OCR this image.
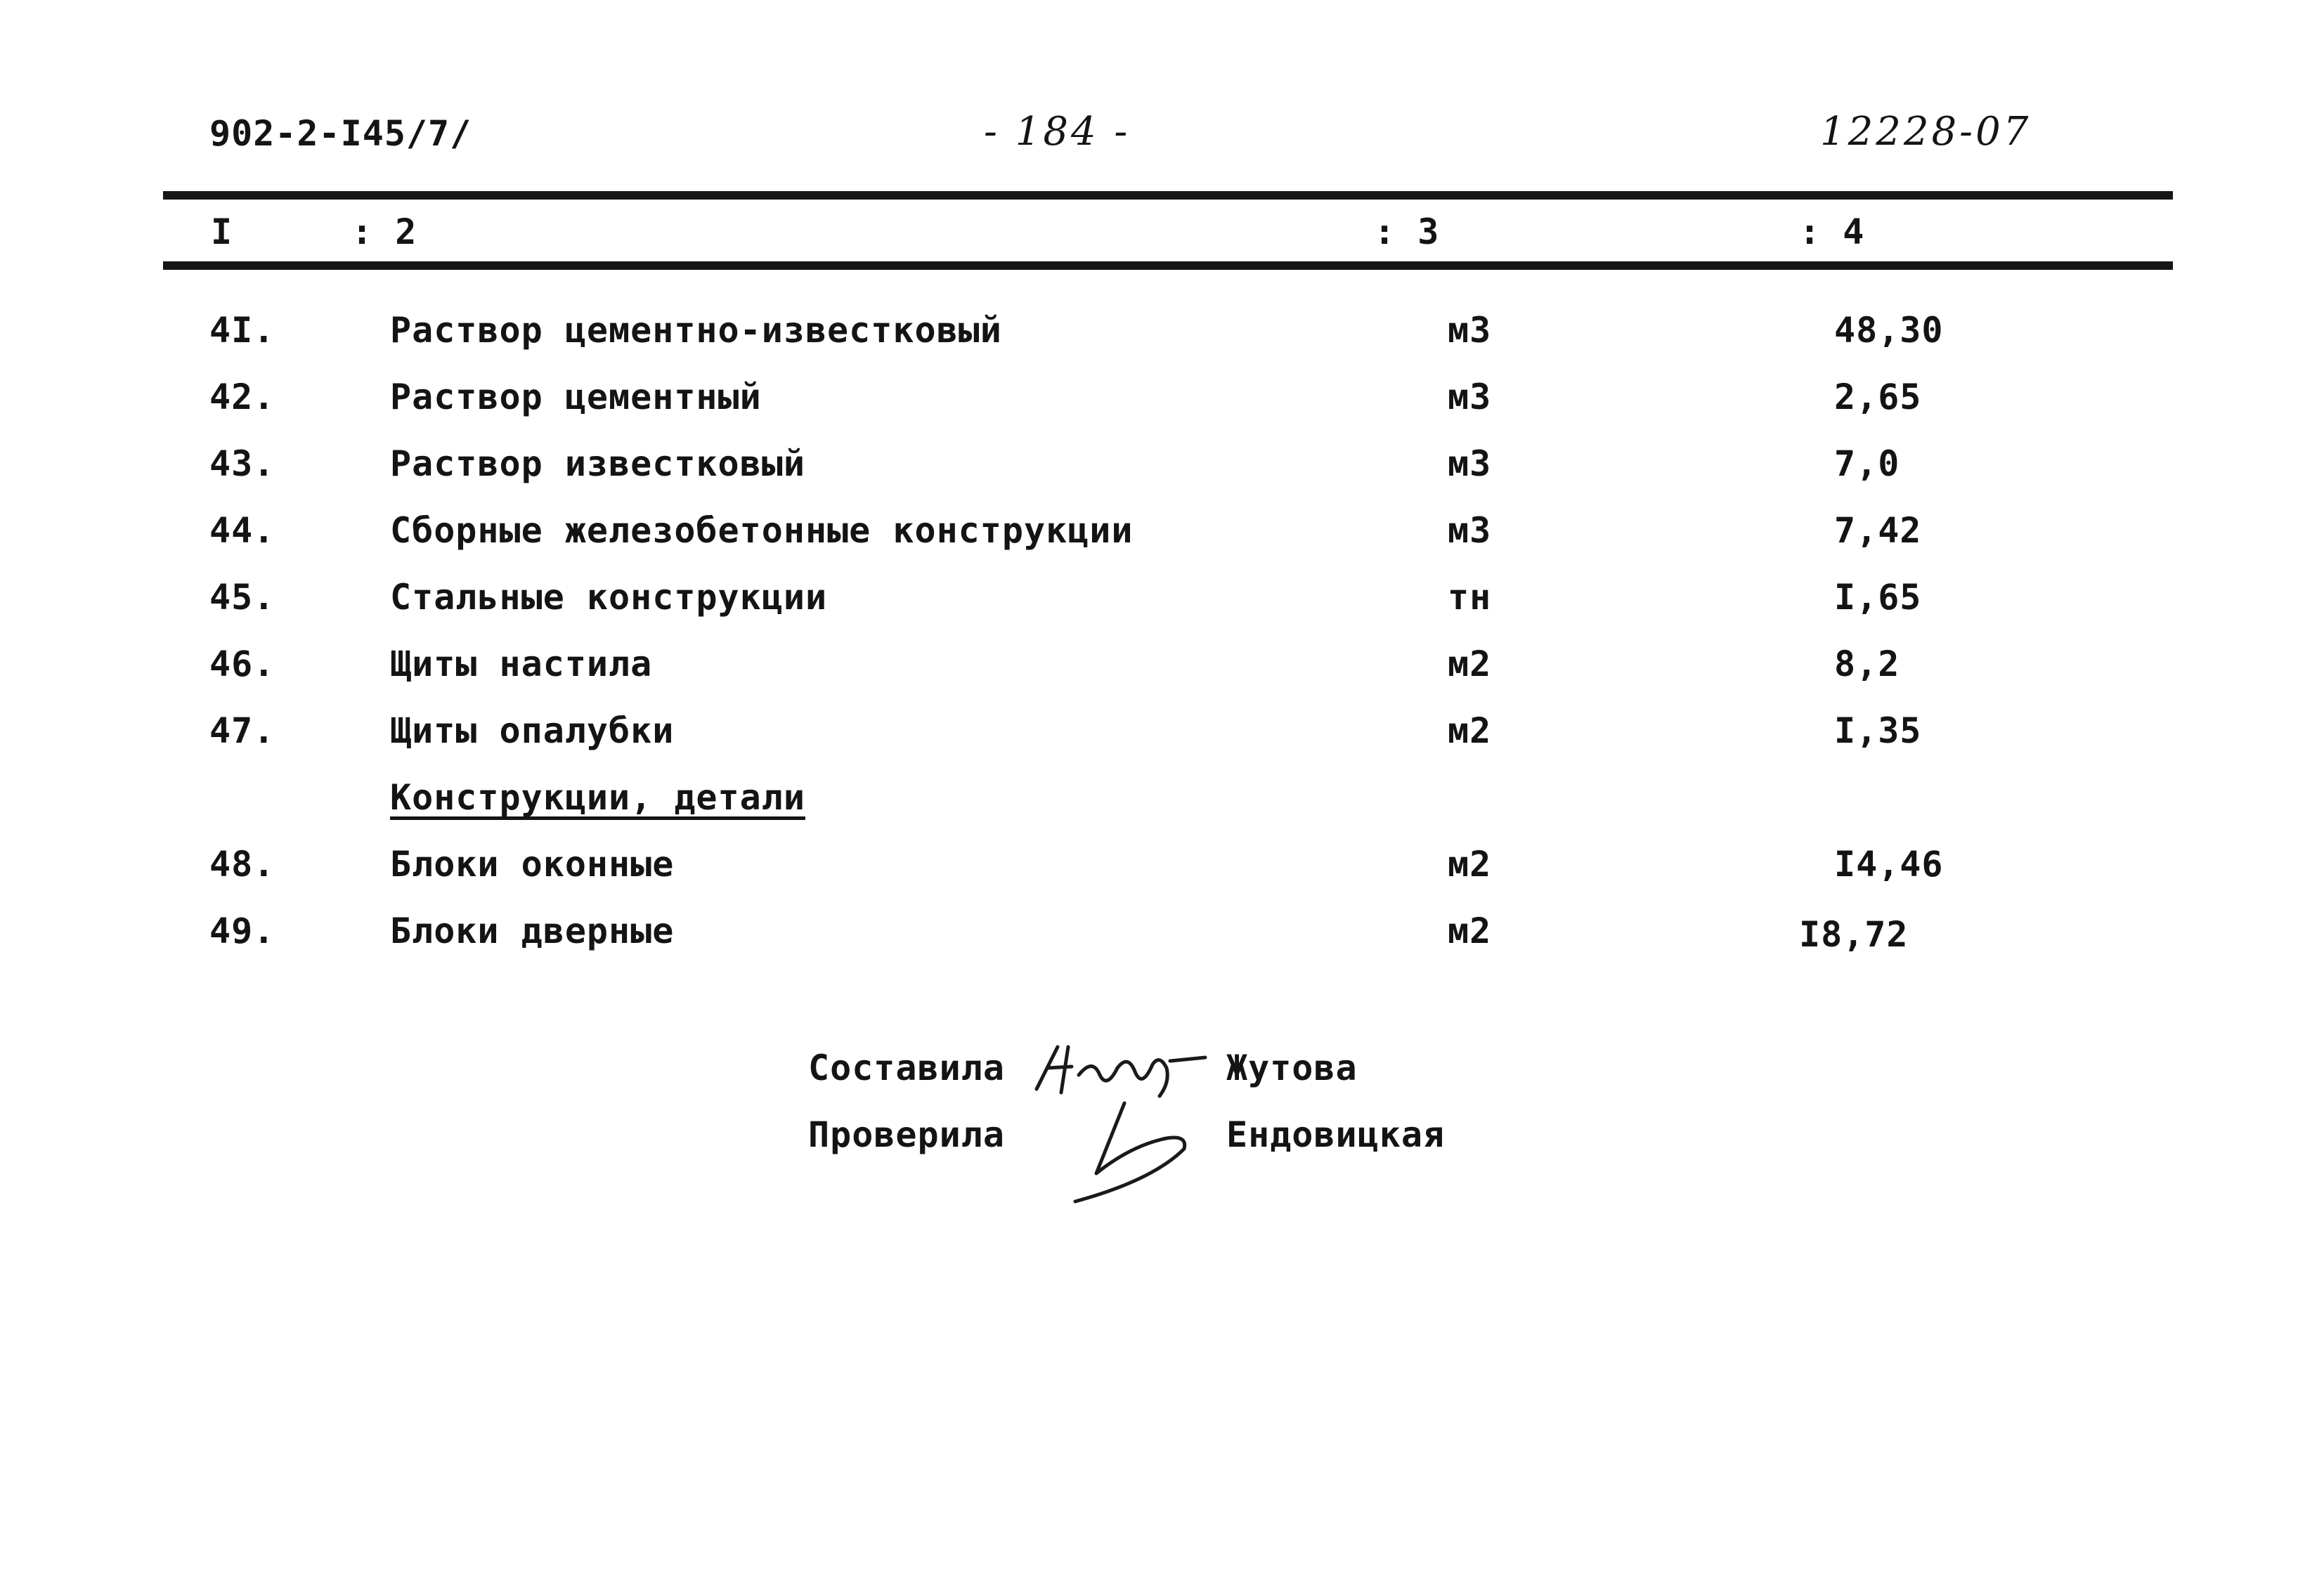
902-2-I45/7/	- 184 -	12228-07
I	: 2	: 3	: 4
4I.	Раствор цементно-известковый	м3	48,30
42.	Раствор цементный	м3	2,65
43.	Раствор известковый	м3	7,0
44.	Сборные железобетонные конструкции	м3	7,42
45.	Стальные конструкции	тн	I,65
46.	Щиты настила	м2	8,2
47.	Щиты опалубки	м2	I,35
Конструкции, детали
48.	Блоки оконные	м2	I4,46
49.	Блоки дверные	м2	I8,72
Составила	Жутова
Проверила	Ендовицкая
